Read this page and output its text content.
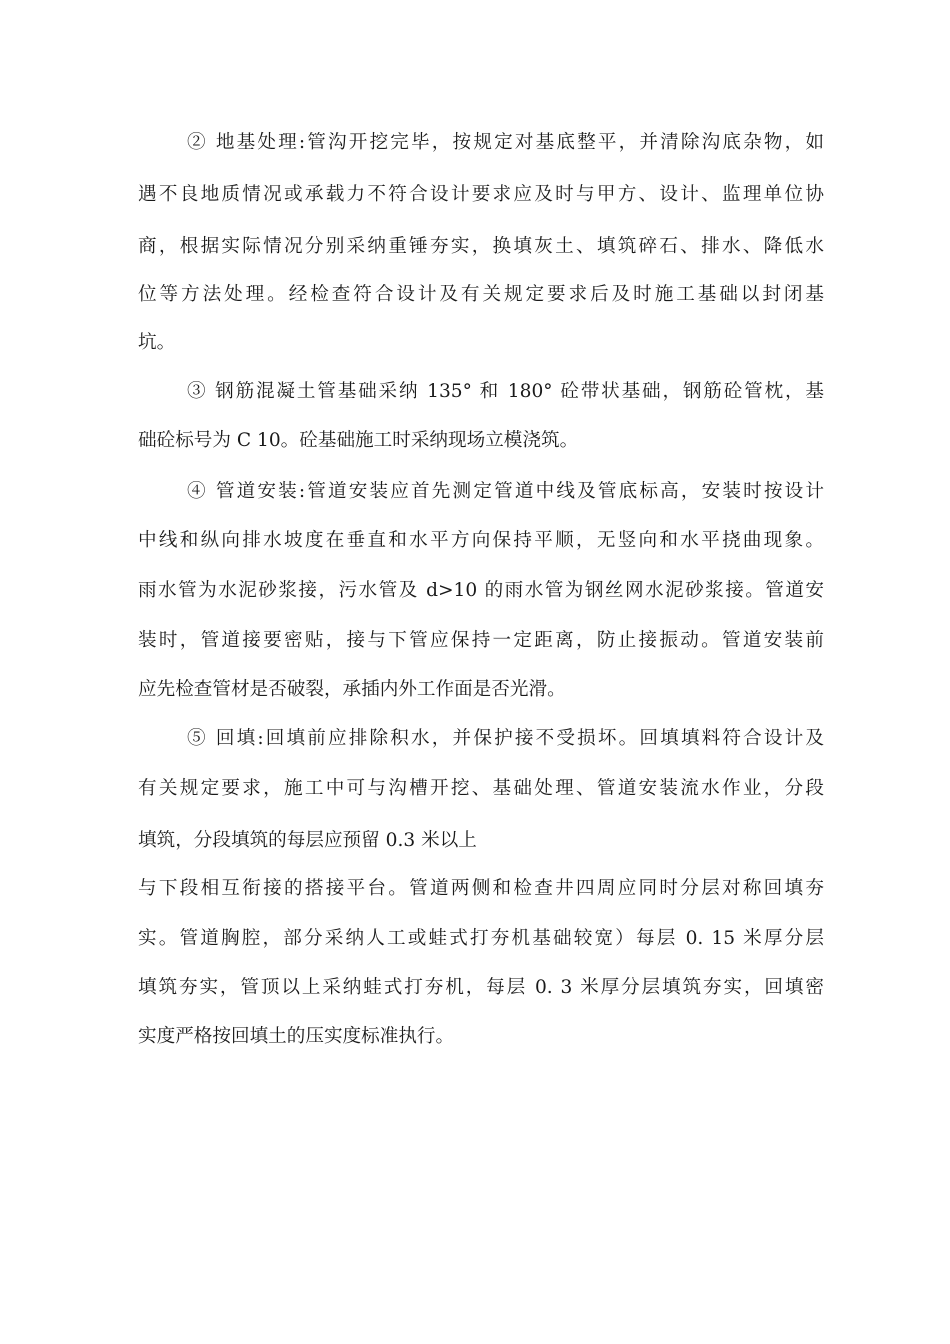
② 地基处理:管沟开挖完毕，按规定对基底整平，并清除沟底杂物，如
遇不良地质情况或承载力不符合设计要求应及时与甲方、设计、监理单位协
商，根据实际情况分别采纳重锤夯实，换填灰土、填筑碎石、排水、降低水
位等方法处理。经检查符合设计及有关规定要求后及时施工基础以封闭基
坑。
③ 钢筋混凝土管基础采纳 135° 和 180° 砼带状基础，钢筋砼管枕，基
础砼标号为 C 10。砼基础施工时采纳现场立模浇筑。
④ 管道安装:管道安装应首先测定管道中线及管底标高，安装时按设计
中线和纵向排水坡度在垂直和水平方向保持平顺，无竖向和水平挠曲现象。
雨水管为水泥砂浆接，污水管及 d>10 的雨水管为钢丝网水泥砂浆接。管道安
装时，管道接要密贴，接与下管应保持一定距离，防止接振动。管道安装前
应先检查管材是否破裂，承插内外工作面是否光滑。
⑤ 回填:回填前应排除积水，并保护接不受损坏。回填填料符合设计及
有关规定要求，施工中可与沟槽开挖、基础处理、管道安装流水作业，分段
填筑，分段填筑的每层应预留 0.3 米以上
与下段相互衔接的搭接平台。管道两侧和检查井四周应同时分层对称回填夯
实。管道胸腔，部分采纳人工或蛙式打夯机基础较宽）每层 0. 15 米厚分层
填筑夯实，管顶以上采纳蛙式打夯机，每层 0. 3 米厚分层填筑夯实，回填密
实度严格按回填土的压实度标准执行。
